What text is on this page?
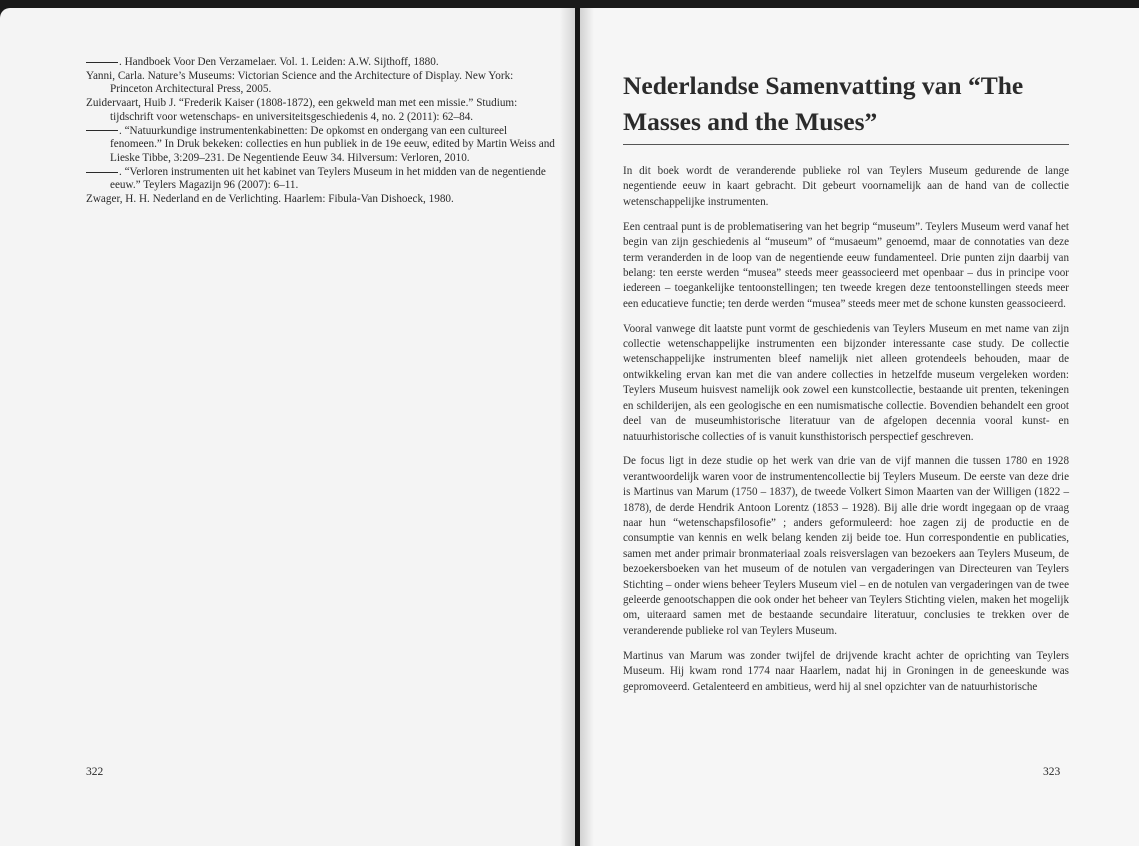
. Handboek Voor Den Verzamelaer. Vol. 1. Leiden: A.W. Sijthoff, 1880.

Yanni, Carla. Nature’s Museums: Victorian Science and the Architecture of Display. New York: Princeton Architectural Press, 2005.

Zuidervaart, Huib J. “Frederik Kaiser (1808-1872), een gekweld man met een missie.” Studium: tijdschrift voor wetenschaps- en universiteitsgeschiedenis 4, no. 2 (2011): 62–84.

. “Natuurkundige instrumentenkabinetten: De opkomst en ondergang van een cultureel fenomeen.” In Druk bekeken: collecties en hun publiek in de 19e eeuw, edited by Martin Weiss and Lieske Tibbe, 3:209–231. De Negentiende Eeuw 34. Hilversum: Verloren, 2010.

. “Verloren instrumenten uit het kabinet van Teylers Museum in het midden van de negentiende eeuw.” Teylers Magazijn 96 (2007): 6–11.

Zwager, H. H. Nederland en de Verlichting. Haarlem: Fibula-Van Dishoeck, 1980.

322
Nederlandse Samenvatting van “The Masses and the Muses”

In dit boek wordt de veranderende publieke rol van Teylers Museum gedurende de lange negentiende eeuw in kaart gebracht. Dit gebeurt voornamelijk aan de hand van de collectie wetenschappelijke instrumenten.

Een centraal punt is de problematisering van het begrip “museum”. Teylers Museum werd vanaf het begin van zijn geschiedenis al “museum” of “musaeum” genoemd, maar de connotaties van deze term veranderden in de loop van de negentiende eeuw fundamenteel. Drie punten zijn daarbij van belang: ten eerste werden “musea” steeds meer geassocieerd met openbaar – dus in principe voor iedereen – toegankelijke tentoonstellingen; ten tweede kregen deze tentoonstellingen steeds meer een educatieve functie; ten derde werden “musea” steeds meer met de schone kunsten geassocieerd.

Vooral vanwege dit laatste punt vormt de geschiedenis van Teylers Museum en met name van zijn collectie wetenschappelijke instrumenten een bijzonder interessante case study. De collectie wetenschappelijke instrumenten bleef namelijk niet alleen grotendeels behouden, maar de ontwikkeling ervan kan met die van andere collecties in hetzelfde museum vergeleken worden: Teylers Museum huisvest namelijk ook zowel een kunstcollectie, bestaande uit prenten, tekeningen en schilderijen, als een geologische en een numismatische collectie. Bovendien behandelt een groot deel van de museumhistorische literatuur van de afgelopen decennia vooral kunst- en natuurhistorische collecties of is vanuit kunsthistorisch perspectief geschreven.

De focus ligt in deze studie op het werk van drie van de vijf mannen die tussen 1780 en 1928 verantwoordelijk waren voor de instrumentencollectie bij Teylers Museum. De eerste van deze drie is Martinus van Marum (1750 – 1837), de tweede Volkert Simon Maarten van der Willigen (1822 – 1878), de derde Hendrik Antoon Lorentz (1853 – 1928). Bij alle drie wordt ingegaan op de vraag naar hun “wetenschapsfilosofie” ; anders geformuleerd: hoe zagen zij de productie en de consumptie van kennis en welk belang kenden zij beide toe. Hun correspondentie en publicaties, samen met ander primair bronmateriaal zoals reisverslagen van bezoekers aan Teylers Museum, de bezoekersboeken van het museum of de notulen van vergaderingen van Directeuren van Teylers Stichting – onder wiens beheer Teylers Museum viel – en de notulen van vergaderingen van de twee geleerde genootschappen die ook onder het beheer van Teylers Stichting vielen, maken het mogelijk om, uiteraard samen met de bestaande secundaire literatuur, conclusies te trekken over de veranderende publieke rol van Teylers Museum.

Martinus van Marum was zonder twijfel de drijvende kracht achter de oprichting van Teylers Museum. Hij kwam rond 1774 naar Haarlem, nadat hij in Groningen in de geneeskunde was gepromoveerd. Getalenteerd en ambitieus, werd hij al snel opzichter van de natuurhistorische

323
